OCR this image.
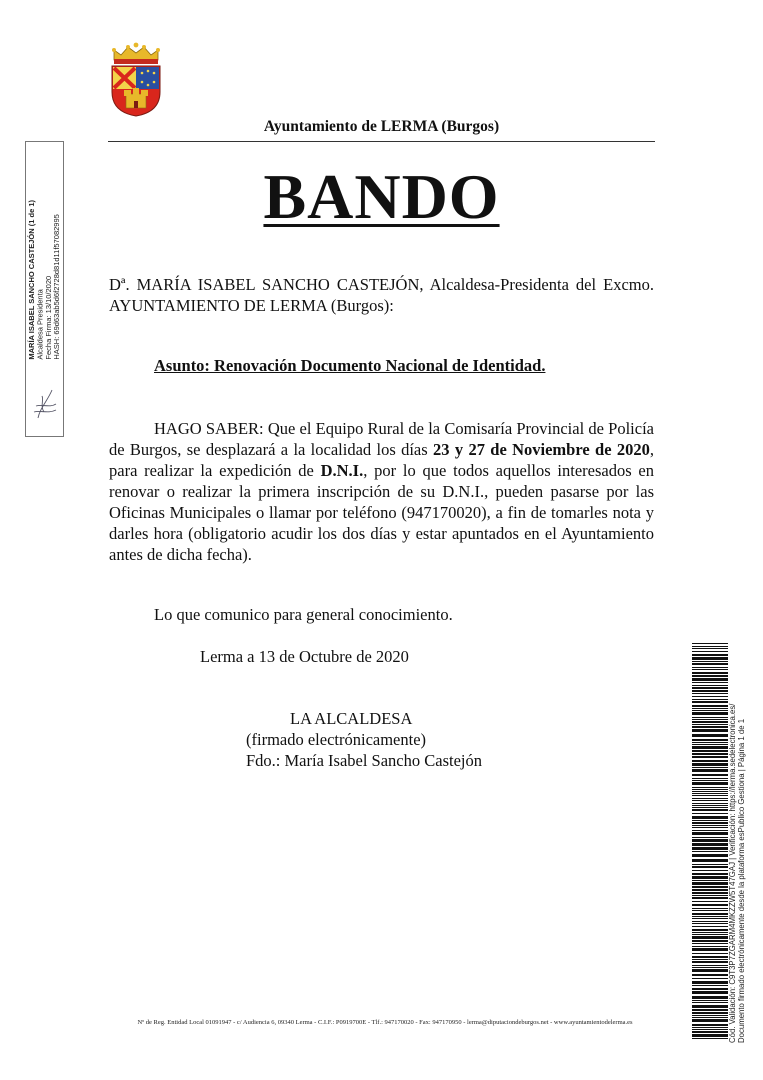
Ayuntamiento de LERMA (Burgos)
BANDO
Dª. MARÍA ISABEL SANCHO CASTEJÓN, Alcaldesa-Presidenta del Excmo. AYUNTAMIENTO DE LERMA (Burgos):
Asunto: Renovación Documento Nacional de Identidad.
HAGO SABER: Que el Equipo Rural de la Comisaría Provincial de Policía de Burgos, se desplazará a la localidad los días 23 y 27 de Noviembre de 2020, para realizar la expedición de D.N.I., por lo que todos aquellos interesados en renovar o realizar la primera inscripción de su D.N.I., pueden pasarse por las Oficinas Municipales o llamar por teléfono (947170020), a fin de tomarles nota y darles hora (obligatorio acudir los dos días y estar apuntados en el Ayuntamiento antes de dicha fecha).
Lo que comunico para general conocimiento.
Lerma a 13 de Octubre de 2020
LA ALCALDESA
(firmado electrónicamente)
Fdo.: María Isabel Sancho Castejón
MARÍA ISABEL SANCHO CASTEJÓN (1 de 1) Alcaldesa Presidenta Fecha Firma: 13/10/2020 HASH: 69d63ab5d6f2728d81d11f57082995
Cód. Validación: C9T3P7ZGARM4MKZZW5T47GAJ | Verificación: https://lerma.sedelectronica.es/ Documento firmado electrónicamente desde la plataforma esPublico Gestiona | Página 1 de 1
Nº de Reg. Entidad Local 01091947 - c/ Audiencia 6, 09340 Lerma - C.I.F.: P0919700E - Tlf.: 947170020 - Fax: 947170950 - lerma@diputaciondeburgos.net - www.ayuntamientodelerma.es
